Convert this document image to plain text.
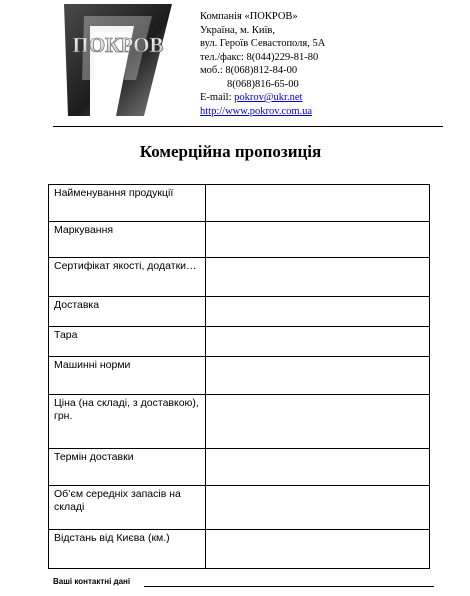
ПОКРОВ
Компанія «ПОКРОВ»
Україна, м. Київ,
вул. Героїв Севастополя, 5А
тел./факс: 8(044)229-81-80
моб.: 8(068)812-84-00
8(068)816-65-00
E-mail: pokrov@ukr.net
http://www.pokrov.com.ua
Комерційна пропозиція
Найменування продукції	
Маркування	
Сертифікат якості, додатки…	
Доставка	
Тара	
Машинні норми	
Ціна (на складі, з доставкою), грн.	
Термін доставки	
Об’єм середніх запасів на складі	
Відстань від Києва (км.)	
Ваші контактні дані
